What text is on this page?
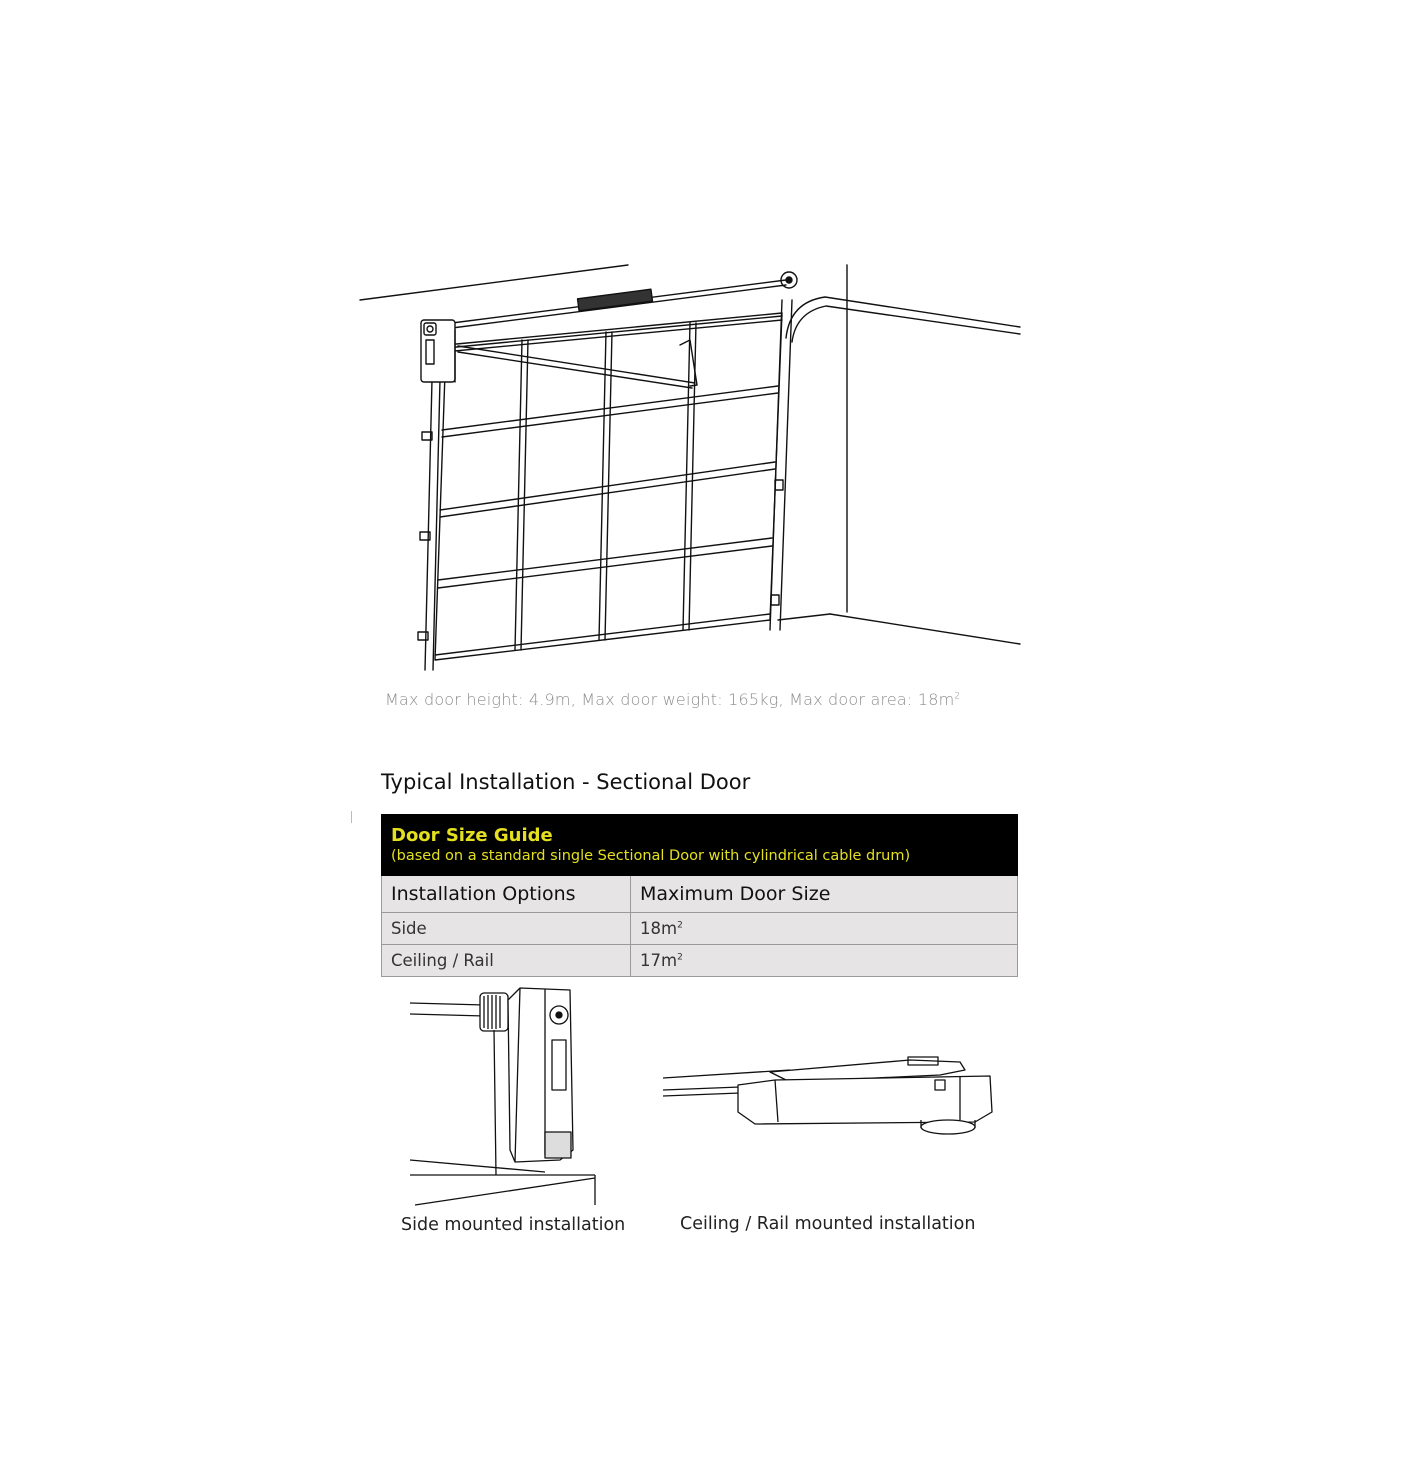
Max door height: 4.9m, Max door weight: 165kg, Max door area: $18m^2$
Typical Installation - Sectional Door
Door Size Guide
(based on a standard single Sectional Door with cylindrical cable drum)	

Installation Options	Maximum Door Size
Side	$18m^2$
Ceiling / Rail	$17m^2$
Side mounted installation	Ceiling / Rail mounted installation
